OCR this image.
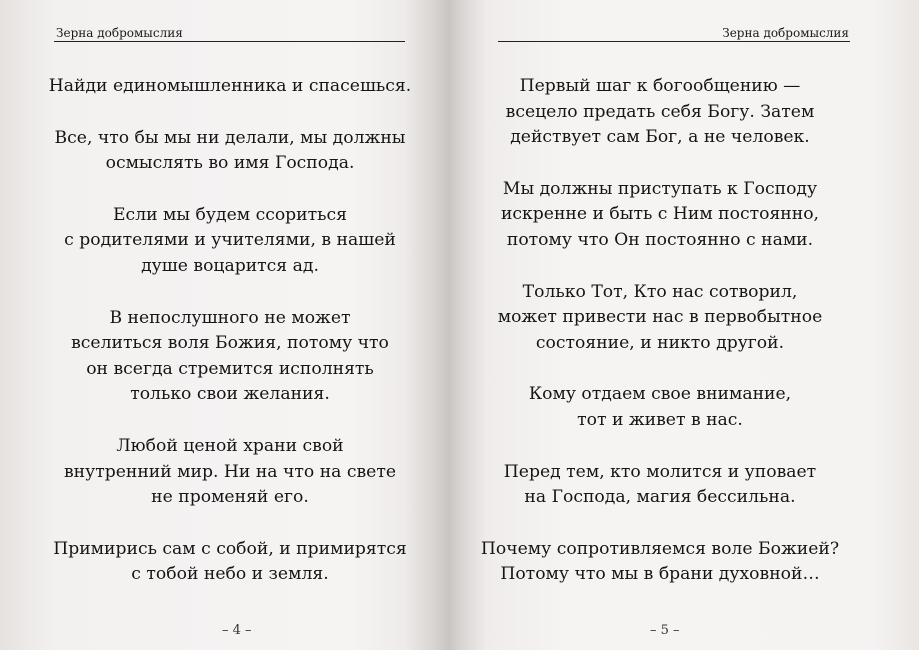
Зерна добромыслия
Найди единомышленника и спасешься.
Все, что бы мы ни делали, мы должны
осмыслять во имя Господа.
Если мы будем ссориться
с родителями и учителями, в нашей
душе воцарится ад.
В непослушного не может
вселиться воля Божия, потому что
он всегда стремится исполнять
только свои желания.
Любой ценой храни свой
внутренний мир. Ни на что на свете
не променяй его.
Примирись сам с собой, и примирятся
с тобой небо и земля.
– 4 –
Зерна добромыслия
Первый шаг к богообщению —
всецело предать себя Богу. Затем
действует сам Бог, а не человек.
Мы должны приступать к Господу
искренне и быть с Ним постоянно,
потому что Он постоянно с нами.
Только Тот, Кто нас сотворил,
может привести нас в первобытное
состояние, и никто другой.
Кому отдаем свое внимание,
тот и живет в нас.
Перед тем, кто молится и уповает
на Господа, магия бессильна.
Почему сопротивляемся воле Божией?
Потому что мы в брани духовной…
– 5 –
